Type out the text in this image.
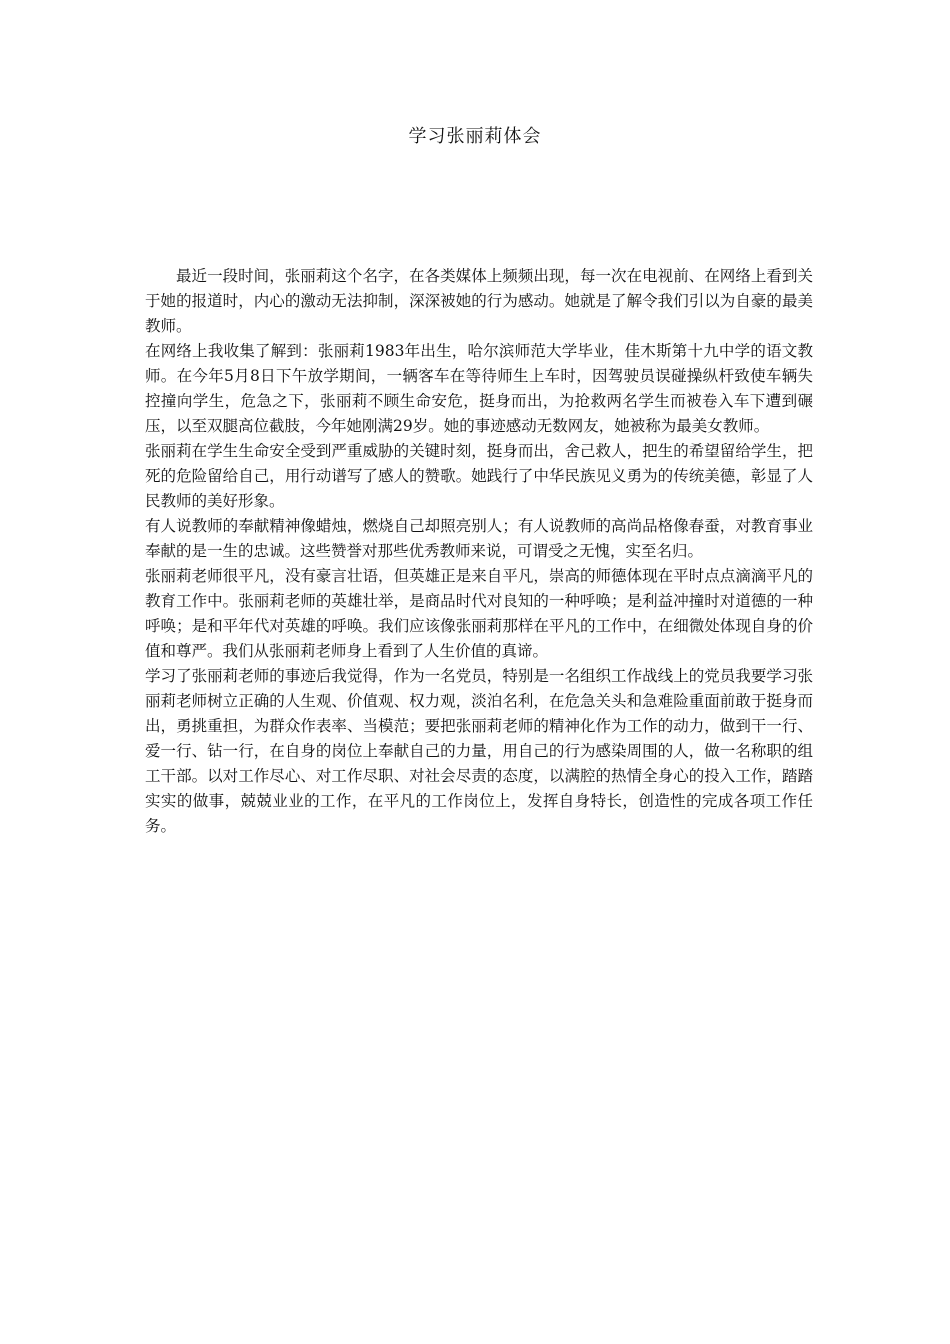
学习张丽莉体会

最近一段时间，张丽莉这个名字，在各类媒体上频频出现，每一次在电视前、在网络上看到关于她的报道时，内心的激动无法抑制，深深被她的行为感动。她就是了解令我们引以为自豪的最美教师。

在网络上我收集了解到：张丽莉1983年出生，哈尔滨师范大学毕业，佳木斯第十九中学的语文教师。在今年5月8日下午放学期间，一辆客车在等待师生上车时，因驾驶员误碰操纵杆致使车辆失控撞向学生，危急之下，张丽莉不顾生命安危，挺身而出，为抢救两名学生而被卷入车下遭到碾压，以至双腿高位截肢，今年她刚满29岁。她的事迹感动无数网友，她被称为最美女教师。

张丽莉在学生生命安全受到严重威胁的关键时刻，挺身而出，舍己救人，把生的希望留给学生，把死的危险留给自己，用行动谱写了感人的赞歌。她践行了中华民族见义勇为的传统美德，彰显了人民教师的美好形象。

有人说教师的奉献精神像蜡烛，燃烧自己却照亮别人；有人说教师的高尚品格像春蚕，对教育事业奉献的是一生的忠诚。这些赞誉对那些优秀教师来说，可谓受之无愧，实至名归。

张丽莉老师很平凡，没有豪言壮语，但英雄正是来自平凡，崇高的师德体现在平时点点滴滴平凡的教育工作中。张丽莉老师的英雄壮举，是商品时代对良知的一种呼唤；是利益冲撞时对道德的一种呼唤；是和平年代对英雄的呼唤。我们应该像张丽莉那样在平凡的工作中，在细微处体现自身的价值和尊严。我们从张丽莉老师身上看到了人生价值的真谛。

学习了张丽莉老师的事迹后我觉得，作为一名党员，特别是一名组织工作战线上的党员我要学习张丽莉老师树立正确的人生观、价值观、权力观，淡泊名利，在危急关头和急难险重面前敢于挺身而出，勇挑重担，为群众作表率、当模范；要把张丽莉老师的精神化作为工作的动力，做到干一行、爱一行、钻一行，在自身的岗位上奉献自己的力量，用自己的行为感染周围的人，做一名称职的组工干部。以对工作尽心、对工作尽职、对社会尽责的态度，以满腔的热情全身心的投入工作，踏踏实实的做事，兢兢业业的工作，在平凡的工作岗位上，发挥自身特长，创造性的完成各项工作任务。
